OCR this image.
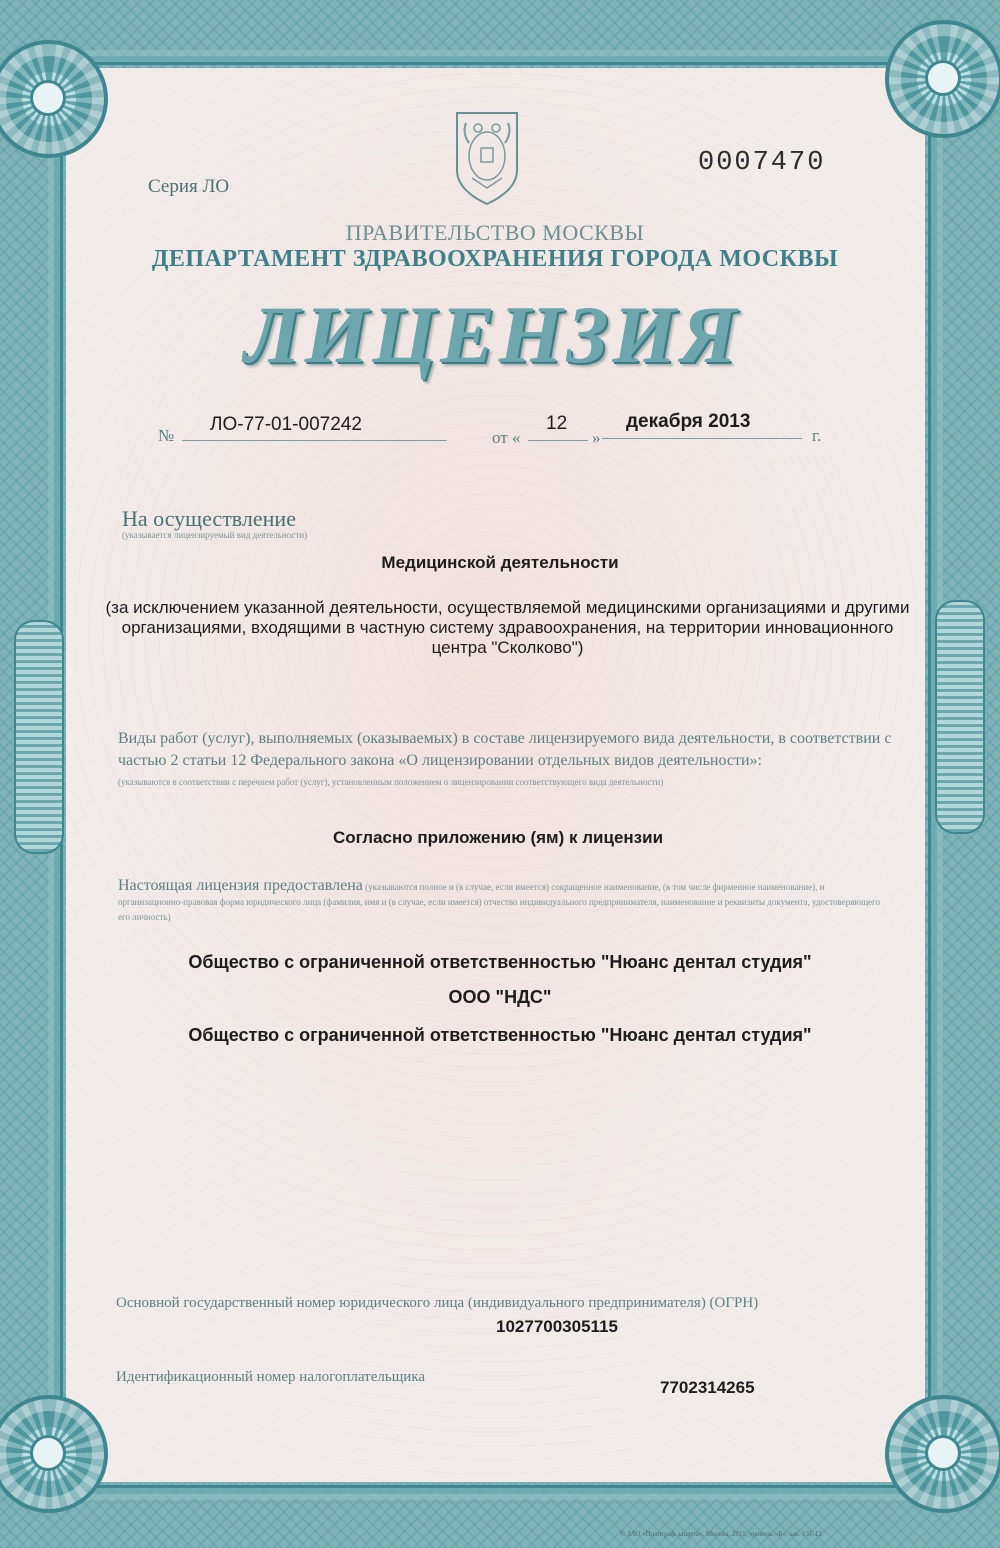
Серия ЛО
0007470
ПРАВИТЕЛЬСТВО МОСКВЫ
ДЕПАРТАМЕНТ ЗДРАВООХРАНЕНИЯ ГОРОДА МОСКВЫ
ЛИЦЕНЗИЯ
№
ЛО-77-01-007242
от «
12
»
декабря 2013
г.
На осуществление
(указывается лицензируемый вид деятельности)
Медицинской деятельности
(за исключением указанной деятельности, осуществляемой медицинскими организациями и другими организациями, входящими в частную систему здравоохранения, на территории инновационного центра "Сколково")
Виды работ (услуг), выполняемых (оказываемых) в составе лицензируемого вида деятельности, в соответствии с частью 2 статьи 12 Федерального закона «О лицензировании отдельных видов деятельности»:
(указываются в соответствии с перечнем работ (услуг), установленным положением о лицензировании соответствующего вида деятельности)
Согласно приложению (ям) к лицензии
Настоящая лицензия предоставлена (указываются полное и (в случае, если имеется) сокращенное наименование, (в том числе фирменное наименование), и организационно-правовая форма юридического лица (фамилия, имя и (в случае, если имеется) отчество индивидуального предпринимателя, наименование и реквизиты документа, удостоверяющего его личность)
Общество с ограниченной ответственностью "Нюанс дентал студия"
ООО "НДС"
Общество с ограниченной ответственностью "Нюанс дентал студия"
Основной государственный номер юридического лица (индивидуального предпринимателя) (ОГРН)
1027700305115
Идентификационный номер налогоплательщика
7702314265
© ЗАО «Полиграф-защита», Москва, 2011, уровень «Б», зак. 131-12
